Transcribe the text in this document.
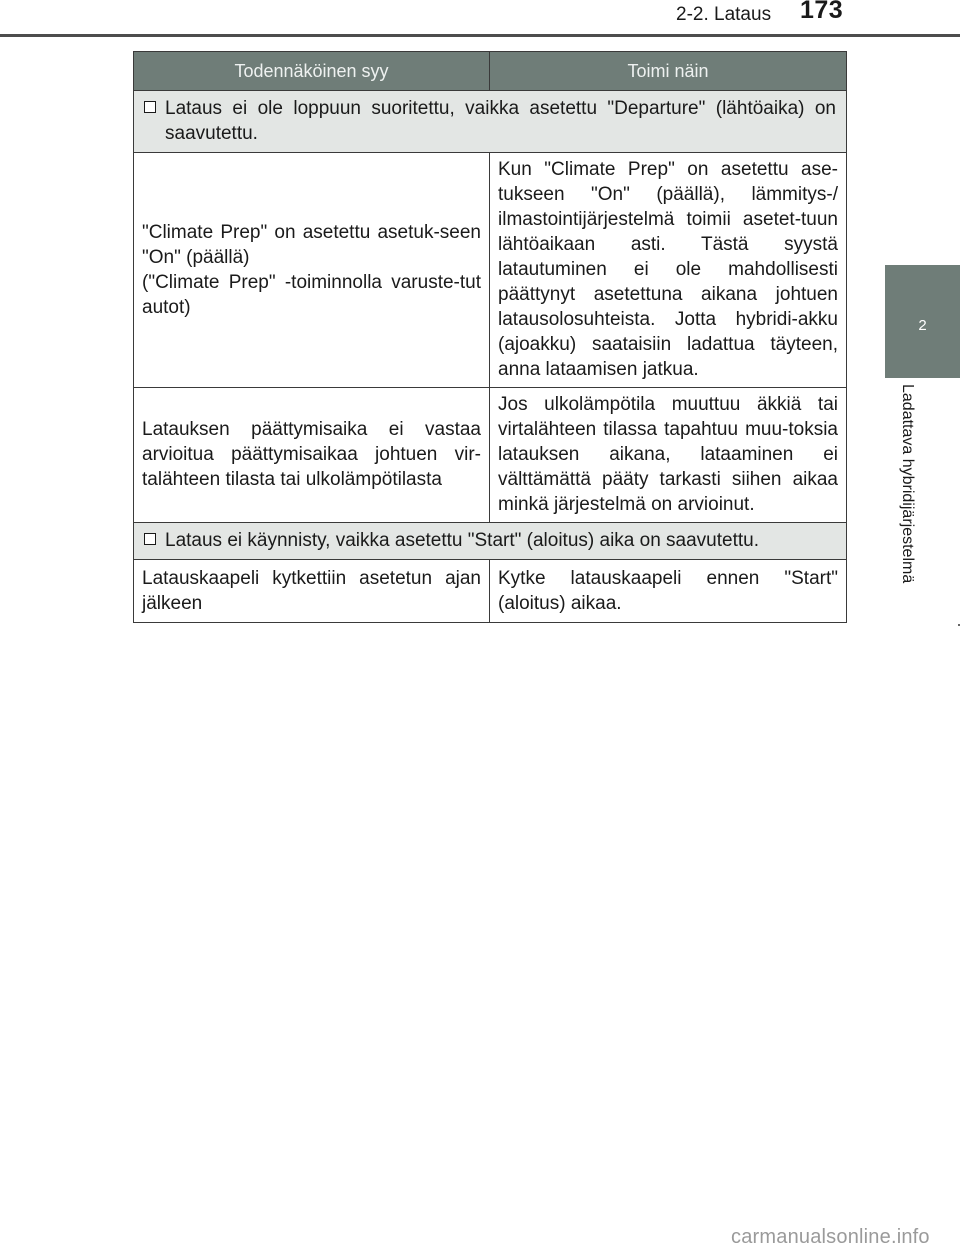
2-2. Lataus 173
2
Ladattava hybridijärjestelmä
Todennäköinen syy	Toimi näin

Lataus ei ole loppuun suoritettu, vaikka asetettu "Departure" (lähtöaika) on saavutettu.	

"Climate Prep" on asetettu asetuk-seen "On" (päällä)
("Climate Prep" -toiminnolla varuste-tut autot)	Kun "Climate Prep" on asetettu ase-tukseen "On" (päällä), lämmitys-/ ilmastointijärjestelmä toimii asetet-tuun lähtöaikaan asti. Tästä syystä latautuminen ei ole mahdollisesti päättynyt asetettuna aikana johtuen latausolosuhteista. Jotta hybridi-akku (ajoakku) saataisiin ladattua täyteen, anna lataamisen jatkua.
Latauksen päättymisaika ei vastaa arvioitua päättymisaikaa johtuen vir-talähteen tilasta tai ulkolämpötilasta	Jos ulkolämpötila muuttuu äkkiä tai virtalähteen tilassa tapahtuu muu-toksia latauksen aikana, lataaminen ei välttämättä pääty tarkasti siihen aikaa minkä järjestelmä on arvioinut.

Lataus ei käynnisty, vaikka asetettu "Start" (aloitus) aika on saavutettu.	

Latauskaapeli kytkettiin asetetun ajan jälkeen	Kytke latauskaapeli ennen "Start" (aloitus) aikaa.
carmanualsonline.info
